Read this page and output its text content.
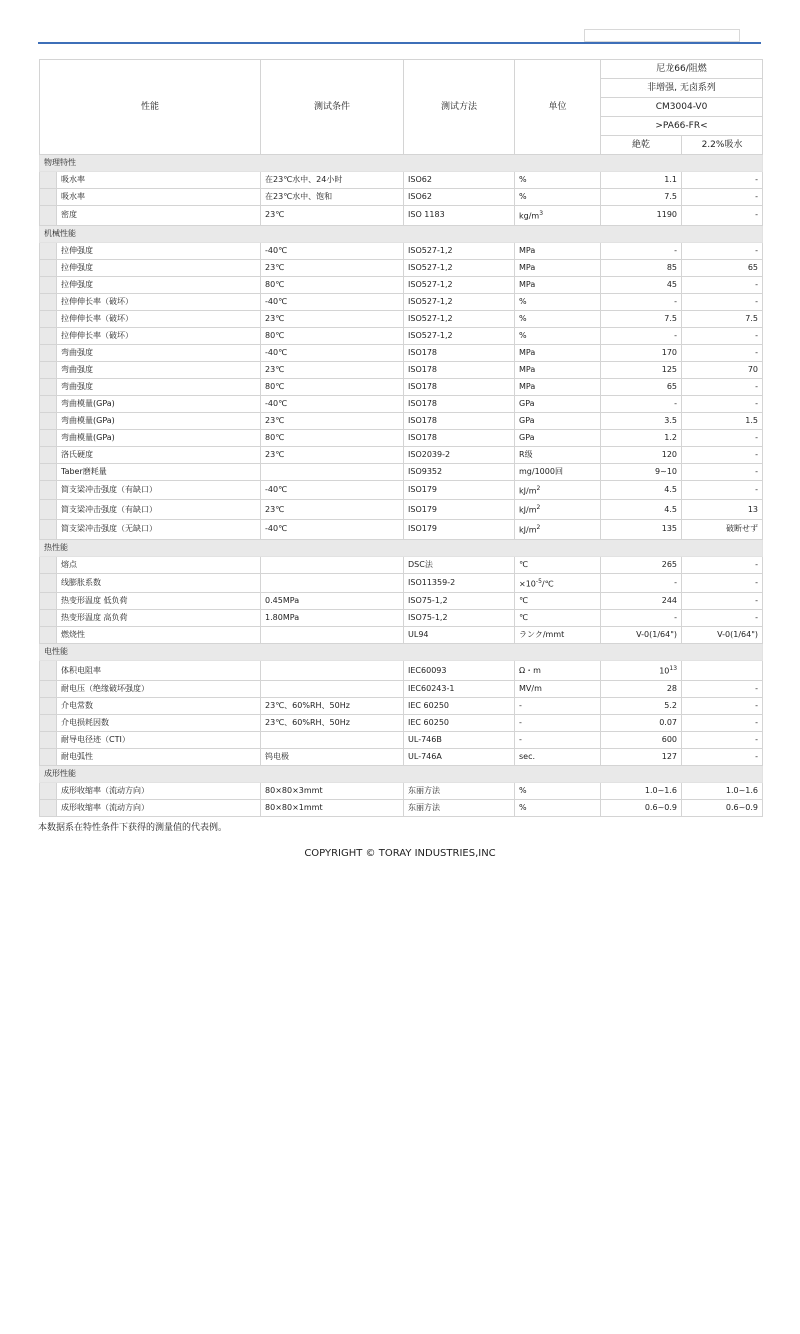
性能		测试条件	测试方法	单位	尼龙66/阻燃	
					非增强, 无卤系列	
					CM3004-V0	
					>PA66-FR<	
					絶乾	2.2%吸水
物理特性						
	吸水率	在23℃水中、24小时	ISO62	%	1.1	-
	吸水率	在23℃水中、饱和	ISO62	%	7.5	-
	密度	23℃	ISO 1183	$kg/m^3$	1190	-
机械性能						
	拉伸强度	-40℃	ISO527-1,2	MPa	-	-
	拉伸强度	23℃	ISO527-1,2	MPa	85	65
	拉伸强度	80℃	ISO527-1,2	MPa	45	-
	拉伸伸长率（破坏）	-40℃	ISO527-1,2	%	-	-
	拉伸伸长率（破坏）	23℃	ISO527-1,2	%	7.5	7.5
	拉伸伸长率（破坏）	80℃	ISO527-1,2	%	-	-
	弯曲强度	-40℃	ISO178	MPa	170	-
	弯曲强度	23℃	ISO178	MPa	125	70
	弯曲强度	80℃	ISO178	MPa	65	-
	弯曲模量(GPa)	-40℃	ISO178	GPa	-	-
	弯曲模量(GPa)	23℃	ISO178	GPa	3.5	1.5
	弯曲模量(GPa)	80℃	ISO178	GPa	1.2	-
	洛氏硬度	23℃	ISO2039-2	R级	120	-
	Taber磨耗量		ISO9352	mg/1000回	9~10	-
	简支梁冲击强度（有缺口）	-40℃	ISO179	$kJ/m^2$	4.5	-
	简支梁冲击强度（有缺口）	23℃	ISO179	$kJ/m^2$	4.5	13
	简支梁冲击强度（无缺口）	-40℃	ISO179	$kJ/m^2$	135	破断せず
热性能						
	熔点		DSC法	℃	265	-
	线膨胀系数		ISO11359-2	$\times 10^{-5}/℃$	-	-
	热变形温度 低负荷	0.45MPa	ISO75-1,2	℃	244	-
	热变形温度 高负荷	1.80MPa	ISO75-1,2	℃	-	-
	燃烧性		UL94	ランク/mmt	V-0(1/64")	V-0(1/64")
电性能						
	体积电阻率		IEC60093	Ω・m	$10^{13}$	
	耐电压（绝缘破坏强度）		IEC60243-1	MV/m	28	-
	介电常数	23℃、60%RH、50Hz	IEC 60250	-	5.2	-
	介电损耗因数	23℃、60%RH、50Hz	IEC 60250	-	0.07	-
	耐导电径迹（CTI）		UL-746B	-	600	-
	耐电弧性	钨电极	UL-746A	sec.	127	-
成形性能						
	成形收缩率（流动方向）	80×80×3mmt	东丽方法	%	1.0~1.6	1.0~1.6
	成形收缩率（流动方向）	80×80×1mmt	东丽方法	%	0.6~0.9	0.6~0.9
本数据系在特性条件下获得的测量值的代表例。
COPYRIGHT © TORAY INDUSTRIES,INC
